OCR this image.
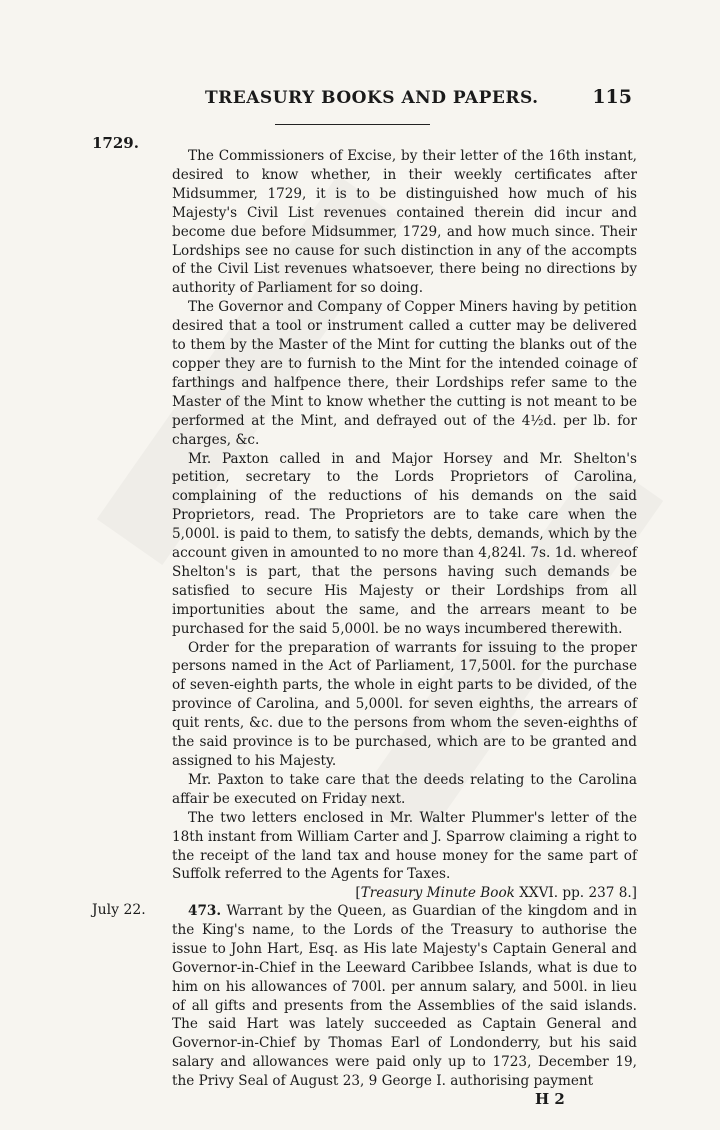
TREASURY BOOKS AND PAPERS.	115
1729.

The Commissioners of Excise, by their letter of the 16th instant, desired to know whether, in their weekly certificates after Midsummer, 1729, it is to be distinguished how much of his Majesty's Civil List revenues contained therein did incur and become due before Midsummer, 1729, and how much since. Their Lordships see no cause for such distinction in any of the accompts of the Civil List revenues whatsoever, there being no directions by authority of Parliament for so doing.

The Governor and Company of Copper Miners having by petition desired that a tool or instrument called a cutter may be delivered to them by the Master of the Mint for cutting the blanks out of the copper they are to furnish to the Mint for the intended coinage of farthings and halfpence there, their Lordships refer same to the Master of the Mint to know whether the cutting is not meant to be performed at the Mint, and defrayed out of the 4½d. per lb. for charges, &c.

Mr. Paxton called in and Major Horsey and Mr. Shelton's petition, secretary to the Lords Proprietors of Carolina, complaining of the reductions of his demands on the said Proprietors, read. The Proprietors are to take care when the 5,000l. is paid to them, to satisfy the debts, demands, which by the account given in amounted to no more than 4,824l. 7s. 1d. whereof Shelton's is part, that the persons having such demands be satisfied to secure His Majesty or their Lordships from all importunities about the same, and the arrears meant to be purchased for the said 5,000l. be no ways incumbered therewith.

Order for the preparation of warrants for issuing to the proper persons named in the Act of Parliament, 17,500l. for the purchase of seven-eighth parts, the whole in eight parts to be divided, of the province of Carolina, and 5,000l. for seven eighths, the arrears of quit rents, &c. due to the persons from whom the seven-eighths of the said province is to be purchased, which are to be granted and assigned to his Majesty.

Mr. Paxton to take care that the deeds relating to the Carolina affair be executed on Friday next.

The two letters enclosed in Mr. Walter Plummer's letter of the 18th instant from William Carter and J. Sparrow claiming a right to the receipt of the land tax and house money for the same part of Suffolk referred to the Agents for Taxes.

[Treasury Minute Book XXVI. pp. 237 8.]
July 22.	473. Warrant by the Queen, as Guardian of the kingdom and in the King's name, to the Lords of the Treasury to authorise the issue to John Hart, Esq. as His late Majesty's Captain General and Governor-in-Chief in the Leeward Caribbee Islands, what is due to him on his allowances of 700l. per annum salary, and 500l. in lieu of all gifts and presents from the Assemblies of the said islands. The said Hart was lately succeeded as Captain General and Governor-in-Chief by Thomas Earl of Londonderry, but his said salary and allowances were paid only up to 1723, December 19, the Privy Seal of August 23, 9 George I. authorising payment
H 2
